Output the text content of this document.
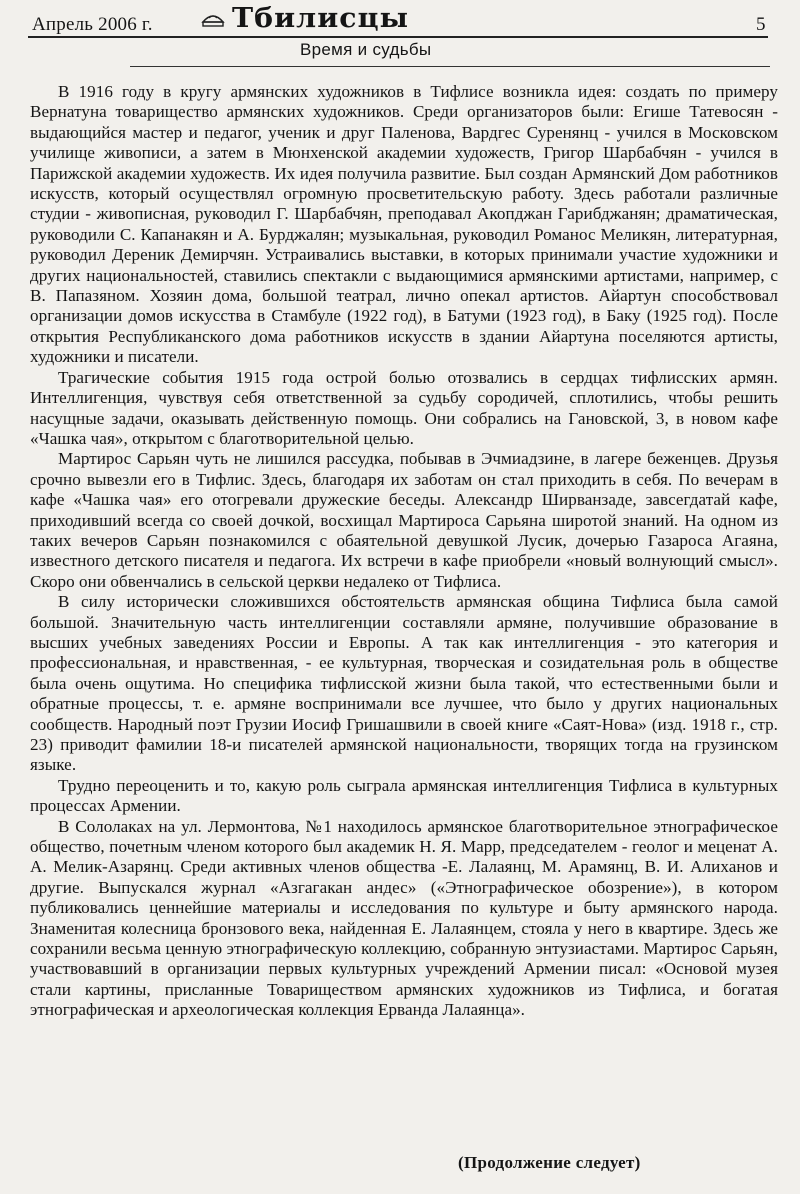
Апрель 2006 г.	Тбилисцы	5
Время и судьбы

В 1916 году в кругу армянских художников в Тифлисе возникла идея: создать по примеру Вернатуна товарищество армянских художников. Среди организаторов были: Егише Татевосян - выдающийся мастер и педагог, ученик и друг Паленова, Вардгес Суренянц - учился в Московском училище живописи, а затем в Мюнхенской академии художеств, Григор Шарбабчян - учился в Парижской академии художеств. Их идея получила развитие. Был создан Армянский Дом работников искусств, который осуществлял огромную просветительскую работу. Здесь работали различные студии - живописная, руководил Г. Шарбабчян, преподавал Акопджан Гарибджанян; драматическая, руководили С. Капанакян и А. Бурджалян; музыкальная, руководил Романос Меликян, литературная, руководил Дереник Демирчян. Устраивались выставки, в которых принимали участие художники и других национальностей, ставились спектакли с выдающимися армянскими артистами, например, с В. Папазяном. Хозяин дома, большой театрал, лично опекал артистов. Айартун способствовал организации домов искусства в Стамбуле (1922 год), в Батуми (1923 год), в Баку (1925 год). После открытия Республиканского дома работников искусств в здании Айартуна поселяются артисты, художники и писатели.

Трагические события 1915 года острой болью отозвались в сердцах тифлисских армян. Интеллигенция, чувствуя себя ответственной за судьбу сородичей, сплотились, чтобы решить насущные задачи, оказывать действенную помощь. Они собрались на Гановской, 3, в новом кафе «Чашка чая», открытом с благотворительной целью.

Мартирос Сарьян чуть не лишился рассудка, побывав в Эчмиадзине, в лагере беженцев. Друзья срочно вывезли его в Тифлис. Здесь, благодаря их заботам он стал приходить в себя. По вечерам в кафе «Чашка чая» его отогревали дружеские беседы. Александр Ширванзаде, завсегдатай кафе, приходивший всегда со своей дочкой, восхищал Мартироса Сарьяна широтой знаний. На одном из таких вечеров Сарьян познакомился с обаятельной девушкой Лусик, дочерью Газароса Агаяна, известного детского писателя и педагога. Их встречи в кафе приобрели «новый волнующий смысл». Скоро они обвенчались в сельской церкви недалеко от Тифлиса.

В силу исторически сложившихся обстоятельств армянская община Тифлиса была самой большой. Значительную часть интеллигенции составляли армяне, получившие образование в высших учебных заведениях России и Европы. А так как интеллигенция - это категория и профессиональная, и нравственная, - ее культурная, творческая и созидательная роль в обществе была очень ощутима. Но специфика тифлисской жизни была такой, что естественными были и обратные процессы, т. е. армяне воспринимали все лучшее, что было у других национальных сообществ. Народный поэт Грузии Иосиф Гришашвили в своей книге «Саят-Нова» (изд. 1918 г., стр. 23) приводит фамилии 18-и писателей армянской национальности, творящих тогда на грузинском языке.

Трудно переоценить и то, какую роль сыграла армянская интеллигенция Тифлиса в культурных процессах Армении.

В Сололаках на ул. Лермонтова, №1 находилось армянское благотворительное этнографическое общество, почетным членом которого был академик Н. Я. Марр, председателем - геолог и меценат А. А. Мелик-Азарянц. Среди активных членов общества -Е. Лалаянц, М. Арамянц, В. И. Алиханов и другие. Выпускался журнал «Азгагакан андес» («Этнографическое обозрение»), в котором публиковались ценнейшие материалы и исследования по культуре и быту армянского народа. Знаменитая колесница бронзового века, найденная Е. Лалаянцем, стояла у него в квартире. Здесь же сохранили весьма ценную этнографическую коллекцию, собранную энтузиастами. Мартирос Сарьян, участвовавший в организации первых культурных учреждений Армении писал: «Основой музея стали картины, присланные Товариществом армянских художников из Тифлиса, и богатая этнографическая и археологическая коллекция Ерванда Лалаянца».

(Продолжение следует)
